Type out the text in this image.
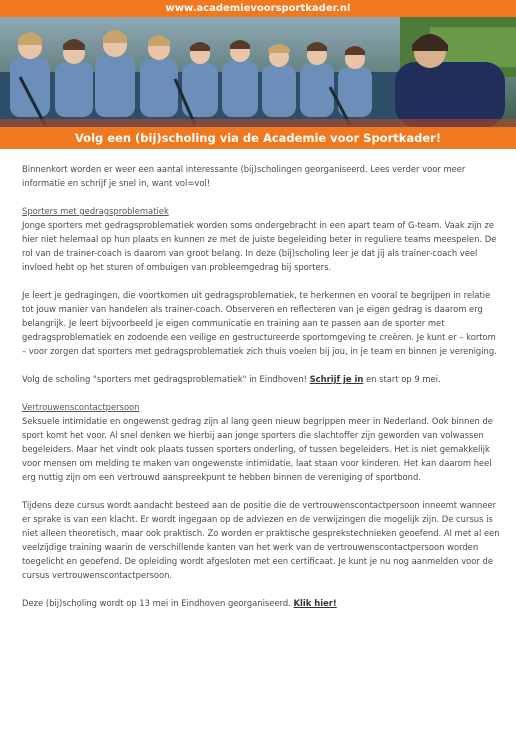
www.academievoorsportkader.nl
Volg een (bij)scholing via de Academie voor Sportkader!

Binnenkort worden er weer een aantal interessante (bij)scholingen georganiseerd. Lees verder voor meer informatie en schrijf je snel in, want vol=vol!

Sporters met gedragsproblematiek

Jonge sporters met gedragsproblematiek worden soms ondergebracht in een apart team of G-team. Vaak zijn ze hier niet helemaal op hun plaats en kunnen ze met de juiste begeleiding beter in reguliere teams meespelen. De rol van de trainer-coach is daarom van groot belang. In deze (bij)scholing leer je dat jij als trainer-coach veel invloed hebt op het sturen of ombuigen van probleemgedrag bij sporters.

Je leert je gedragingen, die voortkomen uit gedragsproblematiek, te herkennen en vooral te begrijpen in relatie tot jouw manier van handelen als trainer-coach. Observeren en reflecteren van je eigen gedrag is daarom erg belangrijk. Je leert bijvoorbeeld je eigen communicatie en training aan te passen aan de sporter met gedragsproblematiek en zodoende een veilige en gestructureerde sportomgeving te creëren. Je kunt er – kortom – voor zorgen dat sporters met gedragsproblematiek zich thuis voelen bij jou, in je team en binnen je vereniging.

Volg de scholing "sporters met gedragsproblematiek" in Eindhoven! Schrijf je in en start op 9 mei.

Vertrouwenscontactpersoon

Seksuele intimidatie en ongewenst gedrag zijn al lang geen nieuw begrippen meer in Nederland. Ook binnen de sport komt het voor. Al snel denken we hierbij aan jonge sporters die slachtoffer zijn geworden van volwassen begeleiders. Maar het vindt ook plaats tussen sporters onderling, of tussen begeleiders. Het is niet gemakkelijk voor mensen om melding te maken van ongewenste intimidatie, laat staan voor kinderen. Het kan daarom heel erg nuttig zijn om een vertrouwd aanspreekpunt te hebben binnen de vereniging of sportbond.

Tijdens deze cursus wordt aandacht besteed aan de positie die de vertrouwenscontactpersoon inneemt wanneer er sprake is van een klacht. Er wordt ingegaan op de adviezen en de verwijzingen die mogelijk zijn. De cursus is niet alleen theoretisch, maar ook praktisch. Zo worden er praktische gesprekstechnieken geoefend. Al met al een veelzijdige training waarin de verschillende kanten van het werk van de vertrouwenscontactpersoon worden toegelicht en geoefend. De opleiding wordt afgesloten met een certificaat. Je kunt je nu nog aanmelden voor de cursus vertrouwenscontactpersoon.

Deze (bij)scholing wordt op 13 mei in Eindhoven georganiseerd. Klik hier!
